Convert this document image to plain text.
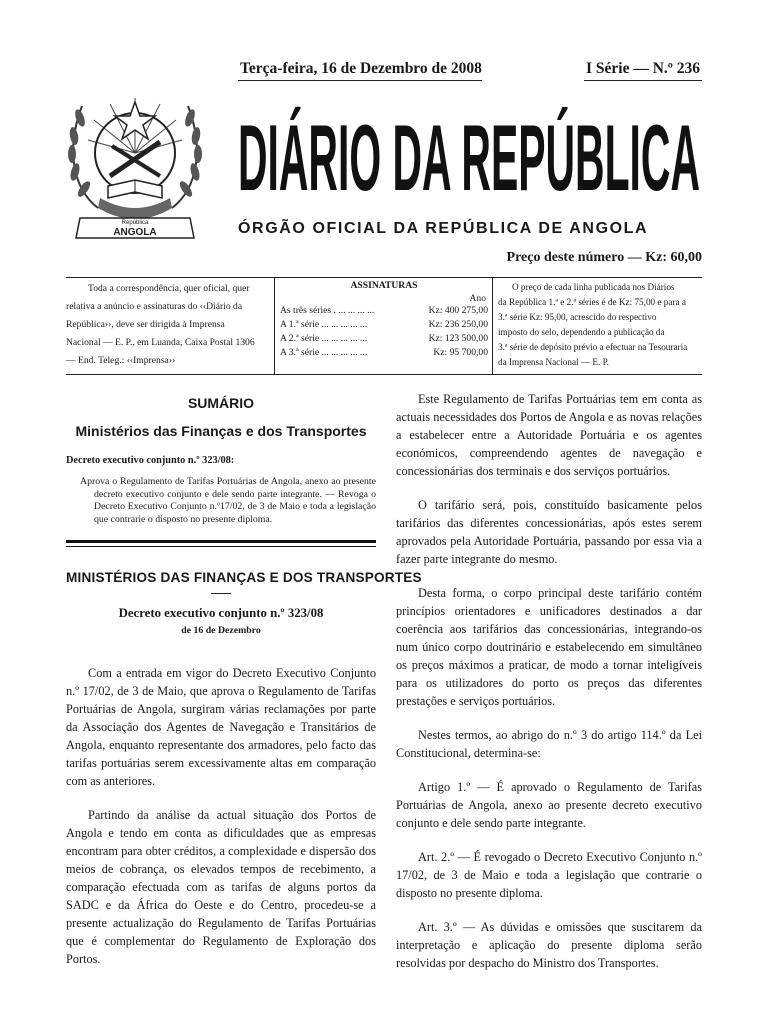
República
ANGOLA
Terça-feira, 16 de Dezembro de 2008	I Série — N.º 236
DIÁRIO DA REPÚBLICA
ÓRGÃO OFICIAL DA REPÚBLICA DE ANGOLA
Preço deste número — Kz: 60,00
Toda a correspondência, quer oficial, quer
relativa a anúncio e assinaturas do ‹‹Diário da
República››, deve ser dirigida à Imprensa
Nacional — E. P., em Luanda, Caixa Postal 1306
— End. Teleg.: ‹‹Imprensa››
ASSINATURAS
Ano
As três séries . ... ... ... ...	Kz: 400 275,00
A 1.ª série ... ... ... ... ...	Kz: 236 250,00
A 2.ª série ... ... ... ... ...	Kz: 123 500,00
A 3.ª série ... ... ... ... ...	Kz: 95 700,00
O preço de cada linha publicada nos Diários
da República 1.ª e 2.ª séries é de Kz: 75,00 e para a
3.ª série Kz: 95,00, acrescido do respectivo
imposto do selo, dependendo a publicação da
3.ª série de depósito prévio a efectuar na Tesouraria
da Imprensa Nacional — E. P.
SUMÁRIO
Ministérios das Finanças e dos Transportes
Decreto executivo conjunto n.º 323/08:
Aprova o Regulamento de Tarifas Portuárias de Angola, anexo ao presente decreto executivo conjunto e dele sendo parte integrante. — Revoga o Decreto Executivo Conjunto n.º17/02, de 3 de Maio e toda a legislação que contrarie o disposto no presente diploma.
MINISTÉRIOS DAS FINANÇAS E DOS TRANSPORTES
Decreto executivo conjunto n.º 323/08
de 16 de Dezembro

Com a entrada em vigor do Decreto Executivo Conjunto n.º 17/02, de 3 de Maio, que aprova o Regulamento de Tarifas Portuárias de Angola, surgiram várias reclamações por parte da Associação dos Agentes de Navegação e Transitários de Angola, enquanto representante dos armadores, pelo facto das tarifas portuárias serem excessivamente altas em comparação com as anteriores.

Partindo da análise da actual situação dos Portos de Angola e tendo em conta as dificuldades que as empresas encontram para obter créditos, a complexidade e dispersão dos meios de cobrança, os elevados tempos de recebimento, a comparação efectuada com as tarifas de alguns portos da SADC e da África do Oeste e do Centro, procedeu-se a presente actualização do Regulamento de Tarifas Portuárias que é complementar do Regulamento de Exploração dos Portos.

Este Regulamento de Tarifas Portuárias tem em conta as actuais necessidades dos Portos de Angola e as novas relações a estabelecer entre a Autoridade Portuária e os agentes económicos, compreendendo agentes de navegação e concessionárias dos terminais e dos serviços portuários.

O tarifário será, pois, constituído basicamente pelos tarifários das diferentes concessionárias, após estes serem aprovados pela Autoridade Portuária, passando por essa via a fazer parte integrante do mesmo.

Desta forma, o corpo principal deste tarifário contém princípios orientadores e unificadores destinados a dar coerência aos tarifários das concessionárias, integrando-os num único corpo doutrinário e estabelecendo em simultâneo os preços máximos a praticar, de modo a tornar inteligíveis para os utilizadores do porto os preços das diferentes prestações e serviços portuários.

Nestes termos, ao abrigo do n.º 3 do artigo 114.º da Lei Constitucional, determina-se:

Artigo 1.º — É aprovado o Regulamento de Tarifas Portuárias de Angola, anexo ao presente decreto executivo conjunto e dele sendo parte integrante.

Art. 2.º — É revogado o Decreto Executivo Conjunto n.º 17/02, de 3 de Maio e toda a legislação que contrarie o disposto no presente diploma.

Art. 3.º — As dúvidas e omissões que suscitarem da interpretação e aplicação do presente diploma serão resolvidas por despacho do Ministro dos Transportes.
